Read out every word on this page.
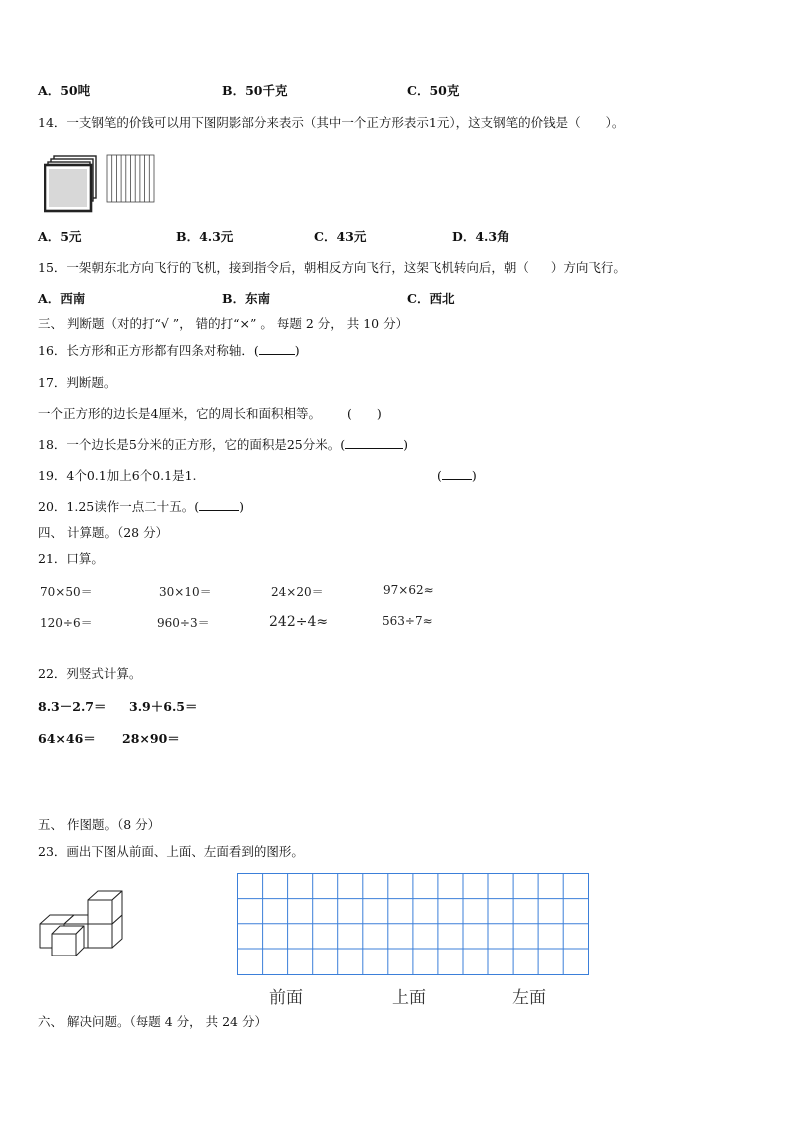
A．50吨	B．50千克	C．50克
14．一支钢笔的价钱可以用下图阴影部分来表示（其中一个正方形表示1元），这支钢笔的价钱是（　　）。
A．5元	B．4.3元	C．43元	D．4.3角
15．一架朝东北方向飞行的飞机，接到指令后，朝相反方向飞行，这架飞机转向后，朝（ ）方向飞行。
A．西南	B．东南	C．西北
三、 判断题（对的打“√ ”， 错的打“×” 。 每题 2 分， 共 10 分）
16．长方形和正方形都有四条对称轴．(	)
17．判断题。
一个正方形的边长是4厘米，它的周长和面积相等。 (　　)
18．一个边长是5分米的正方形，它的面积是25分米。(	)
19．4个0.1加上6个0.1是1.	( )
20．1.25读作一点二十五。(	)
四、 计算题。（28 分）
21．口算。
70×50＝	30×10＝	24×20＝	97×62≈
120÷6＝	960÷3＝	242÷4≈	563÷7≈
22．列竖式计算。
8.3－2.7＝ 3.9＋6.5＝
64×46＝ 28×90＝
五、 作图题。（8 分）
23．画出下图从前面、上面、左面看到的图形。
前面	上面	左面
六、 解决问题。（每题 4 分， 共 24 分）
